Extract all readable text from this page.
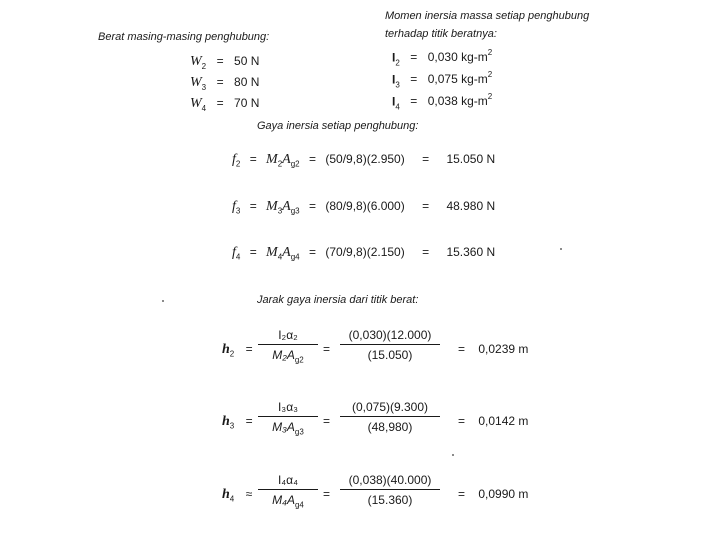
Momen inersia massa setiap penghubung
Berat masing-masing penghubung:	terhadap titik beratnya:
$W_2 = 50$ N
$W_3 = 80$ N
$W_4 = 70$ N
$I_2 = 0,030$ $kg-m^2$
$I_3 = 0,075$ $kg-m^2$
$I_4 = 0,038$ $kg-m^2$
Gaya inersia setiap penghubung:
$f_2 = M_2A_{g2} = (50/9,8)(2.950) = 15.050$ N
$f_3 = M_3A_{g3} = (80/9,8)(6.000) = 48.980$ N
$f_4 = M_4A_{g4} = (70/9,8)(2.150) = 15.360$ N
Jarak gaya inersia dari titik berat:
$h_2$ =
I₂α₂
$M_2A_{g2}$
=
(0,030)(12.000)
(15.050)	= 0,0239 m
$h_3$ =
I₃α₃
$M_3A_{g3}$
=
(0,075)(9.300)
(48,980)	= 0,0142 m
$h_4$ ≈
I₄α₄
$M_4A_{g4}$
=
(0,038)(40.000)
(15.360)	= 0,0990 m
